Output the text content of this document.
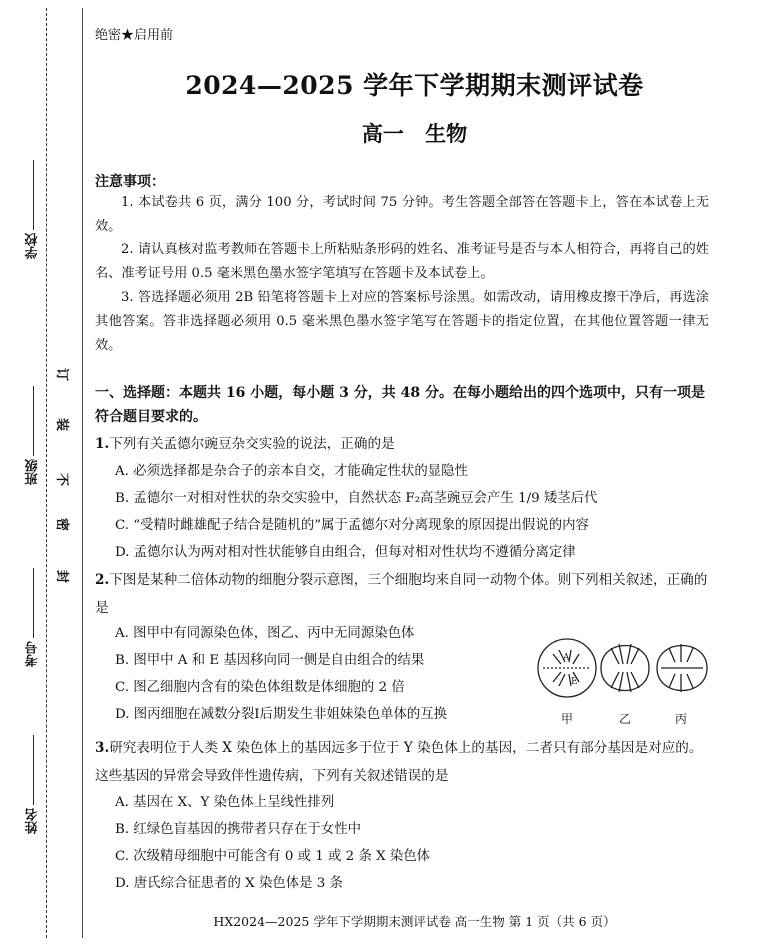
学校
班级
考号
姓名
订
装
不
密
封
绝密★启用前
2024—2025 学年下学期期末测评试卷
高一 生物
注意事项：
1. 本试卷共 6 页，满分 100 分，考试时间 75 分钟。考生答题全部答在答题卡上，答在本试卷上无效。
2. 请认真核对监考教师在答题卡上所粘贴条形码的姓名、准考证号是否与本人相符合，再将自己的姓名、准考证号用 0.5 毫米黑色墨水签字笔填写在答题卡及本试卷上。
3. 答选择题必须用 2B 铅笔将答题卡上对应的答案标号涂黑。如需改动，请用橡皮擦干净后，再选涂其他答案。答非选择题必须用 0.5 毫米黑色墨水签字笔写在答题卡的指定位置，在其他位置答题一律无效。
一、选择题：本题共 16 小题，每小题 3 分，共 48 分。在每小题给出的四个选项中，只有一项是符合题目要求的。
1.下列有关孟德尔豌豆杂交实验的说法，正确的是
A. 必须选择都是杂合子的亲本自交，才能确定性状的显隐性
B. 孟德尔一对相对性状的杂交实验中，自然状态 F₂高茎豌豆会产生 1/9 矮茎后代
C. “受精时雌雄配子结合是随机的”属于孟德尔对分离现象的原因提出假说的内容
D. 孟德尔认为两对相对性状能够自由组合，但每对相对性状均不遵循分离定律
2.下图是某种二倍体动物的细胞分裂示意图，三个细胞均来自同一动物个体。则下列相关叙述，正确的是
A. 图甲中有同源染色体，图乙、丙中无同源染色体
B. 图甲中 A 和 E 基因移向同一侧是自由组合的结果
C. 图乙细胞内含有的染色体组数是体细胞的 2 倍
D. 图丙细胞在减数分裂Ⅰ后期发生非姐妹染色单体的互换
A
E
甲	乙	丙
3.研究表明位于人类 X 染色体上的基因远多于位于 Y 染色体上的基因，二者只有部分基因是对应的。这些基因的异常会导致伴性遗传病，下列有关叙述错误的是
A. 基因在 X、Y 染色体上呈线性排列
B. 红绿色盲基因的携带者只存在于女性中
C. 次级精母细胞中可能含有 0 或 1 或 2 条 X 染色体
D. 唐氏综合征患者的 X 染色体是 3 条
HX2024—2025 学年下学期期末测评试卷 高一生物 第 1 页（共 6 页）
